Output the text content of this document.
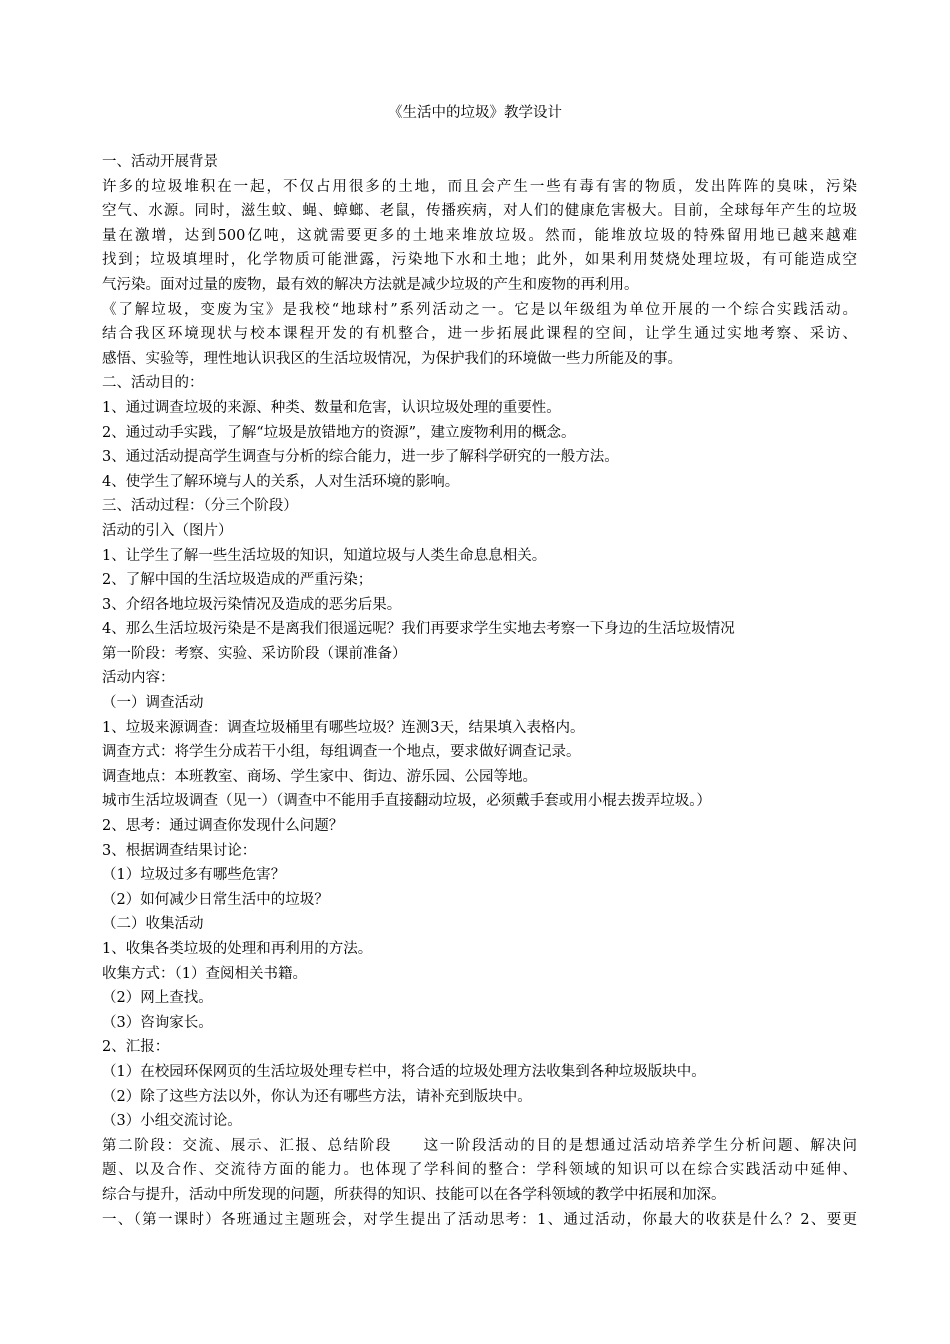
《生活中的垃圾》教学设计
一、活动开展背景
许多的垃圾堆积在一起，不仅占用很多的土地，而且会产生一些有毒有害的物质，发出阵阵的臭味，污染
空气、水源。同时，滋生蚊、蝇、蟑螂、老鼠，传播疾病，对人们的健康危害极大。目前，全球每年产生的垃圾
量在激增，达到500亿吨，这就需要更多的土地来堆放垃圾。然而，能堆放垃圾的特殊留用地已越来越难
找到；垃圾填埋时，化学物质可能泄露，污染地下水和土地；此外，如果利用焚烧处理垃圾，有可能造成空
气污染。面对过量的废物，最有效的解决方法就是减少垃圾的产生和废物的再利用。
《了解垃圾，变废为宝》是我校“地球村”系列活动之一。它是以年级组为单位开展的一个综合实践活动。
结合我区环境现状与校本课程开发的有机整合，进一步拓展此课程的空间，让学生通过实地考察、采访、
感悟、实验等，理性地认识我区的生活垃圾情况，为保护我们的环境做一些力所能及的事。
二、活动目的：
1、通过调查垃圾的来源、种类、数量和危害，认识垃圾处理的重要性。
2、通过动手实践，了解“垃圾是放错地方的资源”，建立废物利用的概念。
3、通过活动提高学生调查与分析的综合能力，进一步了解科学研究的一般方法。
4、使学生了解环境与人的关系，人对生活环境的影响。
三、活动过程：（分三个阶段）
活动的引入（图片）
1、让学生了解一些生活垃圾的知识，知道垃圾与人类生命息息相关。
2、了解中国的生活垃圾造成的严重污染；
3、介绍各地垃圾污染情况及造成的恶劣后果。
4、那么生活垃圾污染是不是离我们很遥远呢？我们再要求学生实地去考察一下身边的生活垃圾情况
第一阶段：考察、实验、采访阶段（课前准备）
活动内容：
（一）调查活动
1、垃圾来源调查：调查垃圾桶里有哪些垃圾？连测3天，结果填入表格内。
调查方式：将学生分成若干小组，每组调查一个地点，要求做好调查记录。
调查地点：本班教室、商场、学生家中、街边、游乐园、公园等地。
城市生活垃圾调查（见一）（调查中不能用手直接翻动垃圾，必须戴手套或用小棍去拨弄垃圾。）
2、思考：通过调查你发现什么问题？
3、根据调查结果讨论：
（1）垃圾过多有哪些危害？
（2）如何减少日常生活中的垃圾？
（二）收集活动
1、收集各类垃圾的处理和再利用的方法。
收集方式：（1）查阅相关书籍。
（2）网上查找。
（3）咨询家长。
2、汇报：
（1）在校园环保网页的生活垃圾处理专栏中，将合适的垃圾处理方法收集到各种垃圾版块中。
（2）除了这些方法以外，你认为还有哪些方法，请补充到版块中。
（3）小组交流讨论。
第二阶段：交流、展示、汇报、总结阶段 这一阶段活动的目的是想通过活动培养学生分析问题、解决问
题、以及合作、交流待方面的能力。也体现了学科间的整合：学科领域的知识可以在综合实践活动中延伸、
综合与提升，活动中所发现的问题，所获得的知识、技能可以在各学科领域的教学中拓展和加深。
一、（第一课时）各班通过主题班会，对学生提出了活动思考：1、通过活动，你最大的收获是什么？2、要更
